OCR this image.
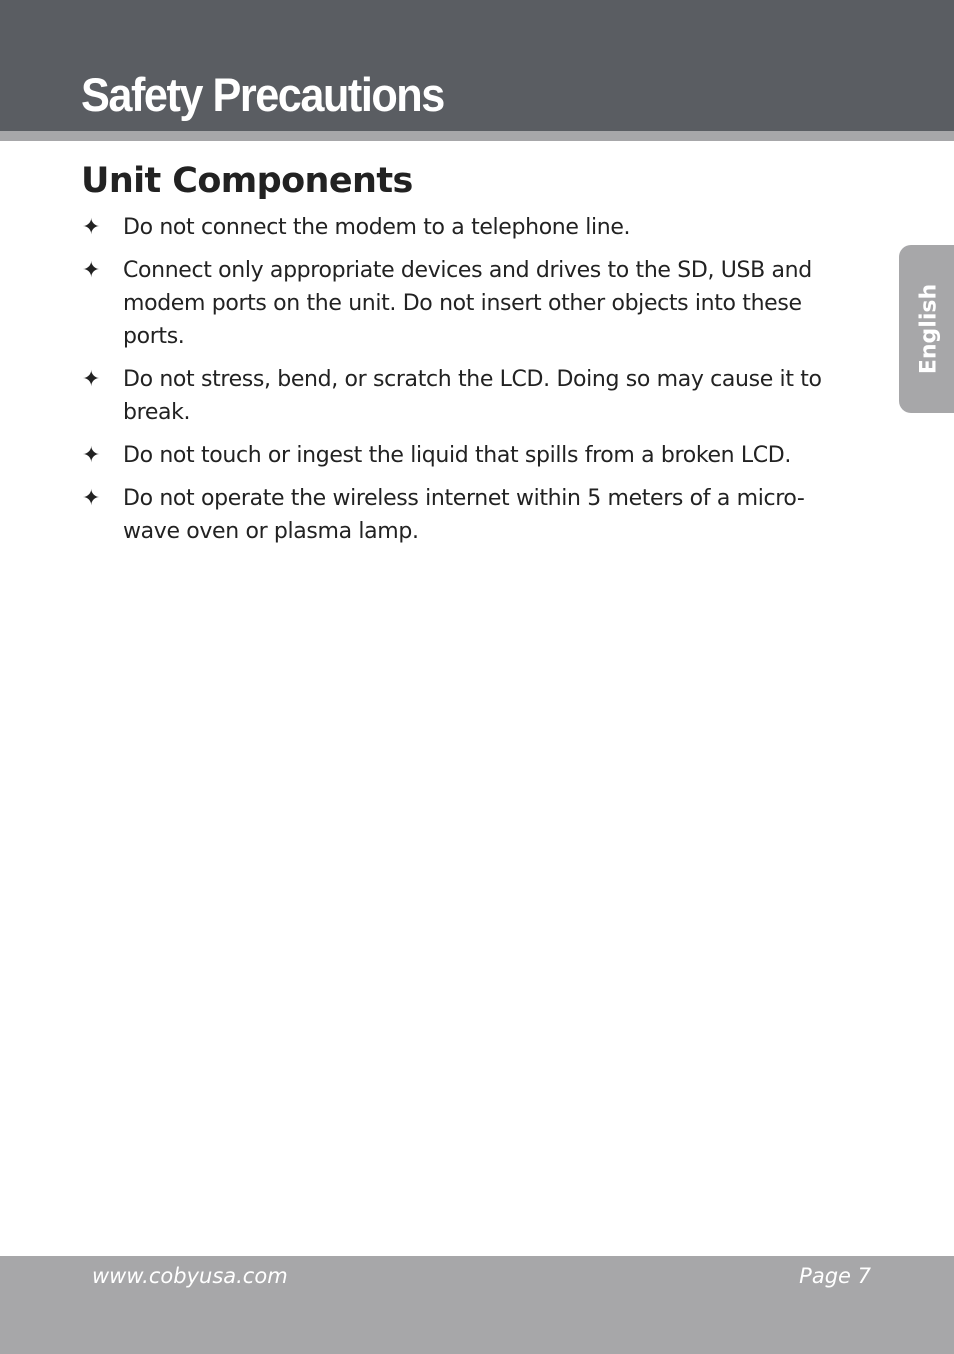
Safety Precautions
Unit Components
✦ Do not connect the modem to a telephone line.
✦ Connect only appropriate devices and drives to the SD, USB and modem ports on the unit. Do not insert other objects into these ports.
✦ Do not stress, bend, or scratch the LCD. Doing so may cause it to break.
✦ Do not touch or ingest the liquid that spills from a broken LCD.
✦ Do not operate the wireless internet within 5 meters of a micro-wave oven or plasma lamp.
English
www.cobyusa.com	Page 7
